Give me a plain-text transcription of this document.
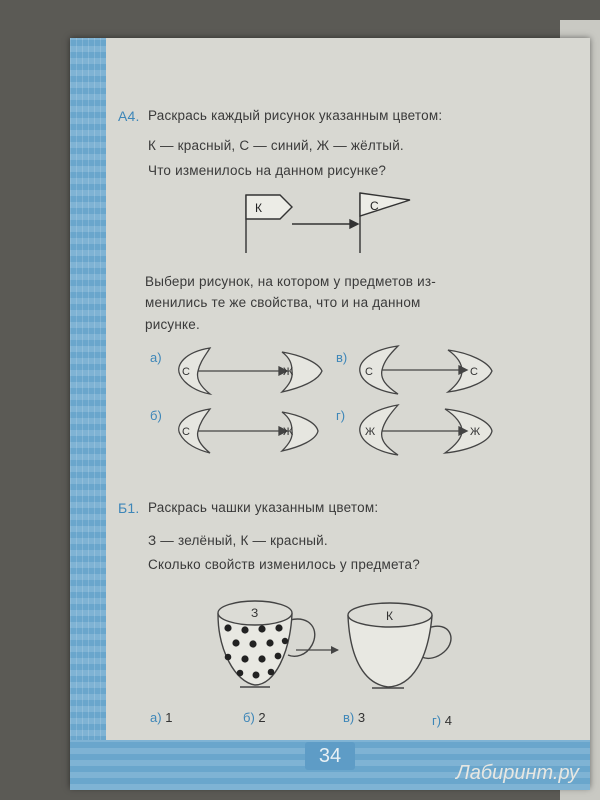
34
А4. Раскрась каждый рисунок указанным цветом:
К — красный, С — синий, Ж — жёлтый.
Что изменилось на данном рисунке?
Выбери рисунок, на котором у предметов из-
менились те же свойства, что и на данном
рисунке.
а)
б)
в)
г)
Б1. Раскрась чашки указанным цветом:
З — зелёный, К — красный.
Сколько свойств изменилось у предмета?
а) 1	б) 2	в) 3	г) 4
К	С
С	Ж
С	Ж
С	С
Ж	Ж
З	К
Лабиринт.ру
